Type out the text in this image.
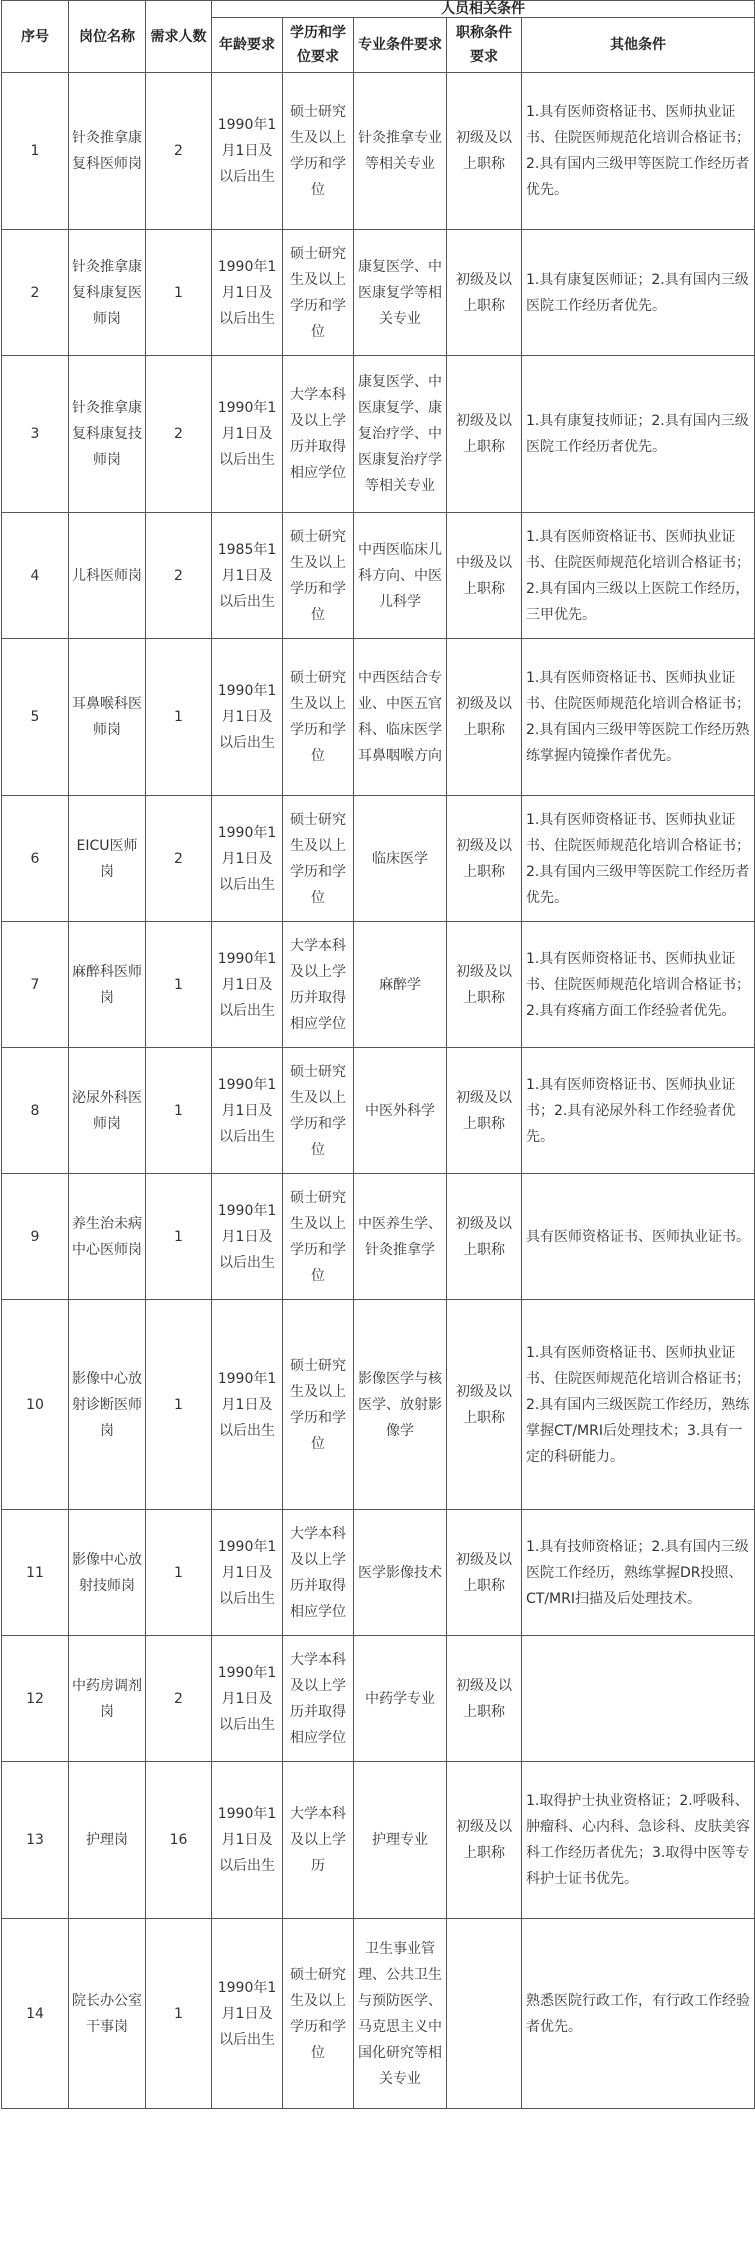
序号	岗位名称	需求人数	人员相关条件				
			年龄要求	学历和学位要求	专业条件要求	职称条件要求	其他条件
1	针灸推拿康复科医师岗	2	1990年1月1日及以后出生	硕士研究生及以上学历和学位	针灸推拿专业等相关专业	初级及以上职称	1.具有医师资格证书、医师执业证书、住院医师规范化培训合格证书；2.具有国内三级甲等医院工作经历者优先。
2	针灸推拿康复科康复医师岗	1	1990年1月1日及以后出生	硕士研究生及以上学历和学位	康复医学、中医康复学等相关专业	初级及以上职称	1.具有康复医师证；2.具有国内三级医院工作经历者优先。
3	针灸推拿康复科康复技师岗	2	1990年1月1日及以后出生	大学本科及以上学历并取得相应学位	康复医学、中医康复学、康复治疗学、中医康复治疗学等相关专业	初级及以上职称	1.具有康复技师证；2.具有国内三级医院工作经历者优先。
4	儿科医师岗	2	1985年1月1日及以后出生	硕士研究生及以上学历和学位	中西医临床儿科方向、中医儿科学	中级及以上职称	1.具有医师资格证书、医师执业证书、住院医师规范化培训合格证书；2.具有国内三级以上医院工作经历，三甲优先。
5	耳鼻喉科医师岗	1	1990年1月1日及以后出生	硕士研究生及以上学历和学位	中西医结合专业、中医五官科、临床医学耳鼻咽喉方向	初级及以上职称	1.具有医师资格证书、医师执业证书、住院医师规范化培训合格证书；2.具有国内三级甲等医院工作经历熟练掌握内镜操作者优先。
6	EICU医师岗	2	1990年1月1日及以后出生	硕士研究生及以上学历和学位	临床医学	初级及以上职称	1.具有医师资格证书、医师执业证书、住院医师规范化培训合格证书；2.具有国内三级甲等医院工作经历者优先。
7	麻醉科医师岗	1	1990年1月1日及以后出生	大学本科及以上学历并取得相应学位	麻醉学	初级及以上职称	1.具有医师资格证书、医师执业证书、住院医师规范化培训合格证书；2.具有疼痛方面工作经验者优先。
8	泌尿外科医师岗	1	1990年1月1日及以后出生	硕士研究生及以上学历和学位	中医外科学	初级及以上职称	1.具有医师资格证书、医师执业证书；2.具有泌尿外科工作经验者优先。
9	养生治未病中心医师岗	1	1990年1月1日及以后出生	硕士研究生及以上学历和学位	中医养生学、针灸推拿学	初级及以上职称	具有医师资格证书、医师执业证书。
10	影像中心放射诊断医师岗	1	1990年1月1日及以后出生	硕士研究生及以上学历和学位	影像医学与核医学、放射影像学	初级及以上职称	1.具有医师资格证书、医师执业证书、住院医师规范化培训合格证书；2.具有国内三级医院工作经历，熟练掌握CT/MRI后处理技术；3.具有一定的科研能力。
11	影像中心放射技师岗	1	1990年1月1日及以后出生	大学本科及以上学历并取得相应学位	医学影像技术	初级及以上职称	1.具有技师资格证；2.具有国内三级医院工作经历，熟练掌握DR投照、CT/MRI扫描及后处理技术。
12	中药房调剂岗	2	1990年1月1日及以后出生	大学本科及以上学历并取得相应学位	中药学专业	初级及以上职称	
13	护理岗	16	1990年1月1日及以后出生	大学本科及以上学历	护理专业	初级及以上职称	1.取得护士执业资格证；2.呼吸科、肿瘤科、心内科、急诊科、皮肤美容科工作经历者优先；3.取得中医等专科护士证书优先。
14	院长办公室干事岗	1	1990年1月1日及以后出生	硕士研究生及以上学历和学位	卫生事业管理、公共卫生与预防医学、马克思主义中国化研究等相关专业		熟悉医院行政工作，有行政工作经验者优先。
